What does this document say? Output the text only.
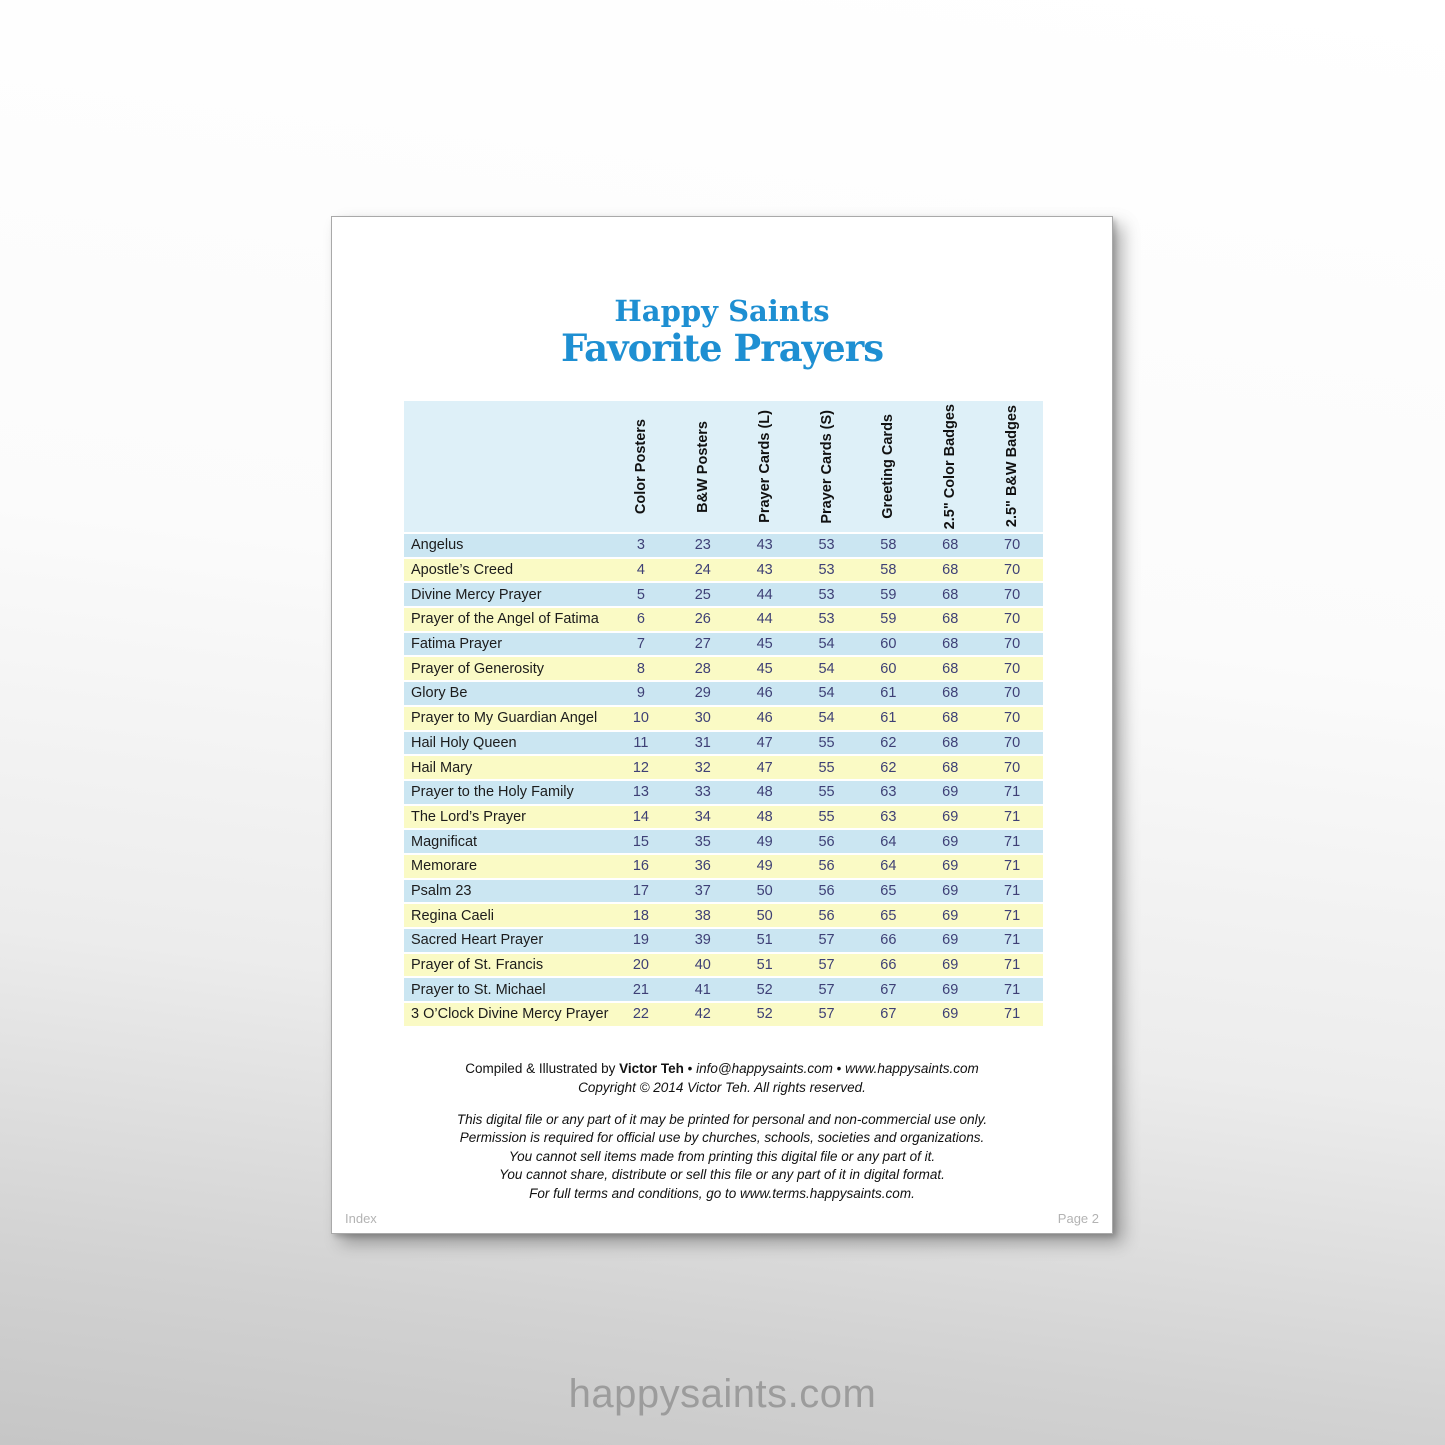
Happy Saints
Favorite Prayers
Color Posters	B&W Posters	Prayer Cards (L)	Prayer Cards (S)	Greeting Cards	2.5" Color Badges	2.5" B&W Badges
Angelus	3	23	43	53	58	68	70
Apostle’s Creed	4	24	43	53	58	68	70
Divine Mercy Prayer	5	25	44	53	59	68	70
Prayer of the Angel of Fatima	6	26	44	53	59	68	70
Fatima Prayer	7	27	45	54	60	68	70
Prayer of Generosity	8	28	45	54	60	68	70
Glory Be	9	29	46	54	61	68	70
Prayer to My Guardian Angel	10	30	46	54	61	68	70
Hail Holy Queen	11	31	47	55	62	68	70
Hail Mary	12	32	47	55	62	68	70
Prayer to the Holy Family	13	33	48	55	63	69	71
The Lord’s Prayer	14	34	48	55	63	69	71
Magnificat	15	35	49	56	64	69	71
Memorare	16	36	49	56	64	69	71
Psalm 23	17	37	50	56	65	69	71
Regina Caeli	18	38	50	56	65	69	71
Sacred Heart Prayer	19	39	51	57	66	69	71
Prayer of St. Francis	20	40	51	57	66	69	71
Prayer to St. Michael	21	41	52	57	67	69	71
3 O’Clock Divine Mercy Prayer	22	42	52	57	67	69	71
Compiled & Illustrated by Victor Teh • info@happysaints.com • www.happysaints.com
Copyright © 2014 Victor Teh. All rights reserved.
This digital file or any part of it may be printed for personal and non-commercial use only.
Permission is required for official use by churches, schools, societies and organizations.
You cannot sell items made from printing this digital file or any part of it.
You cannot share, distribute or sell this file or any part of it in digital format.
For full terms and conditions, go to www.terms.happysaints.com.
Index	Page 2
happysaints.com
